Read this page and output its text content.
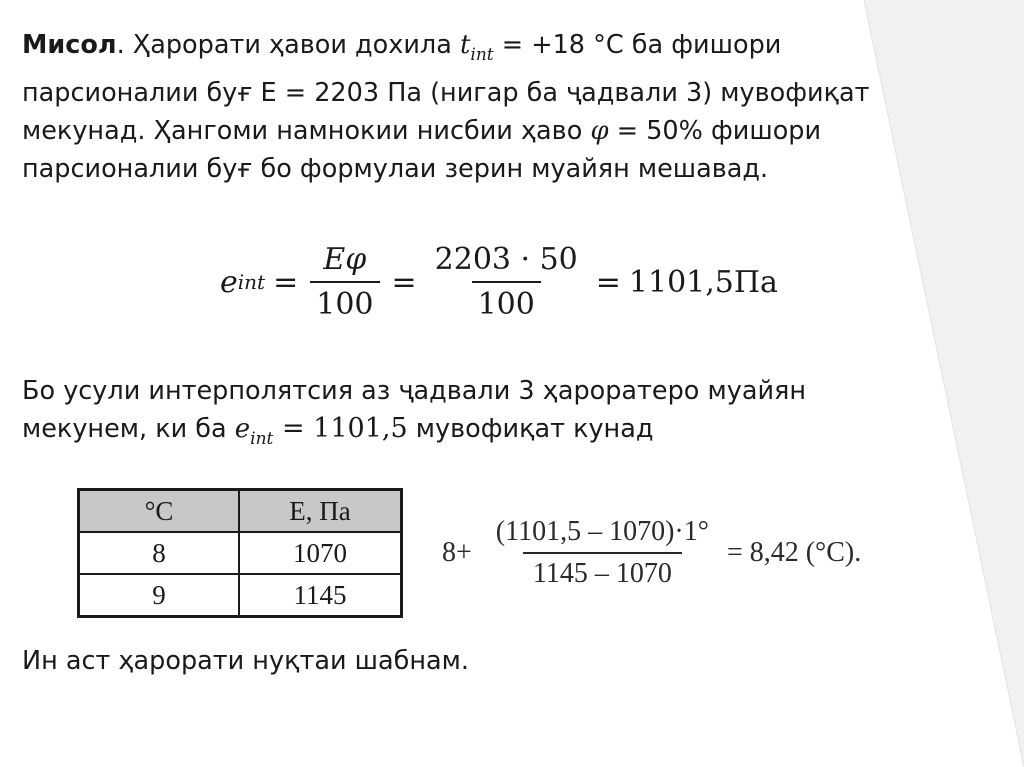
Мисол. Ҳарорати ҳавои дохила $t_{int} = +18$ °С ба фишори
парсионалии буғ E = 2203 Па (нигар ба ҷадвали 3) мувофиқат
мекунад. Ҳангоми намнокии нисбии ҳаво φ = 50% фишори
парсионалии буғ бо формулаи зерин муайян мешавад.
e int = $\frac{E\varphi}{100} = \frac{2203 \cdot 50}{100} = 1101,5Па$
Бо усули интерполятсия аз ҷадвали 3 ҳароратеро муайян
мекунем, ки ба $e_{int} = 1101,5$ мувофиқат кунад
°C	E, Па
8	1070
9	1145
$8+ \frac{(1101,5 - 1070)\cdot 1^\circ}{1145 - 1070} = 8,42$ (°C).
Ин аст ҳарорати нуқтаи шабнам.
